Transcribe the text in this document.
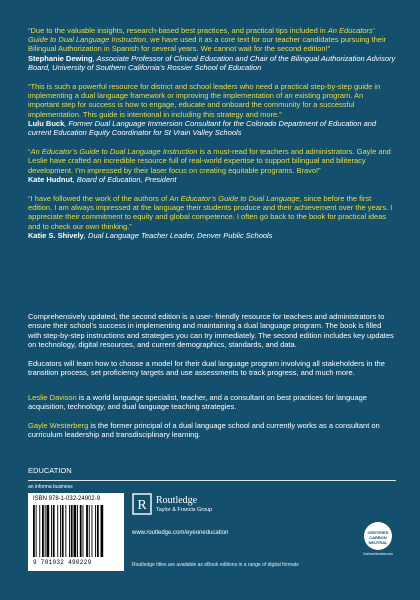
“Due to the valuable insights, research-based best practices, and practical tips included in An Educators’ Guide to Dual Language Instruction, we have used it as a core text for our teacher candidates pursuing their Bilingual Authorization in Spanish for several years. We cannot wait for the second edition!”
Stephanie Dewing, Associate Professor of Clinical Education and Chair of the Bilingual Authorization Advisory Board, University of Southern California’s Rossier School of Education
“This is such a powerful resource for district and school leaders who need a practical step-by-step guide in implementing a dual language framework or improving the implementation of an existing program. An important step for success is how to engage, educate and onboard the community for a successful implementation. This guide is intentional in including this strategy and more.”
Lulu Buck, Former Dual Language Immersion Consultant for the Colorado Department of Education and current Education Equity Coordinator for St Vrain Valley Schools
“An Educator’s Guide to Dual Language Instruction is a must-read for teachers and administrators. Gayle and Leslie have crafted an incredible resource full of real-world expertise to support bilingual and biliteracy development. I’m impressed by their laser focus on creating equitable programs. Bravo!”
Kate Hudnut, Board of Education, President
“I have followed the work of the authors of An Educator’s Guide to Dual Language, since before the first edition. I am always impressed at the language their students produce and their achievement over the years. I appreciate their commitment to equity and global competence. I often go back to the book for practical ideas and to check our own thinking.”
Katie S. Shively, Dual Language Teacher Leader, Denver Public Schools

Comprehensively updated, the second edition is a user- friendly resource for teachers and administrators to ensure their school’s success in implementing and maintaining a dual language program. The book is filled with step-by-step instructions and strategies you can try immediately. The second edition includes key updates on technology, digital resources, and current demographics, standards, and data.

Educators will learn how to choose a model for their dual language program involving all stakeholders in the transition process, set proficiency targets and use assessments to track progress, and much more.

Leslie Davison is a world language specialist, teacher, and a consultant on best practices for language acquisition, technology, and dual language teaching strategies.

Gayle Westerberg is the former principal of a dual language school and currently works as a consultant on curriculum leadership and transdisciplinary learning.

EDUCATION
an informa business
ISBN 978-1-032-24902-9
9 781032 490229
R Routledge
Taylor & Francis Group
www.routledge.com/eyeoneducation
Routledge titles are available as eBook editions in a range of digital formats
CERTIFIED
CARBON
NEUTRAL
CarbonNeutral.com
